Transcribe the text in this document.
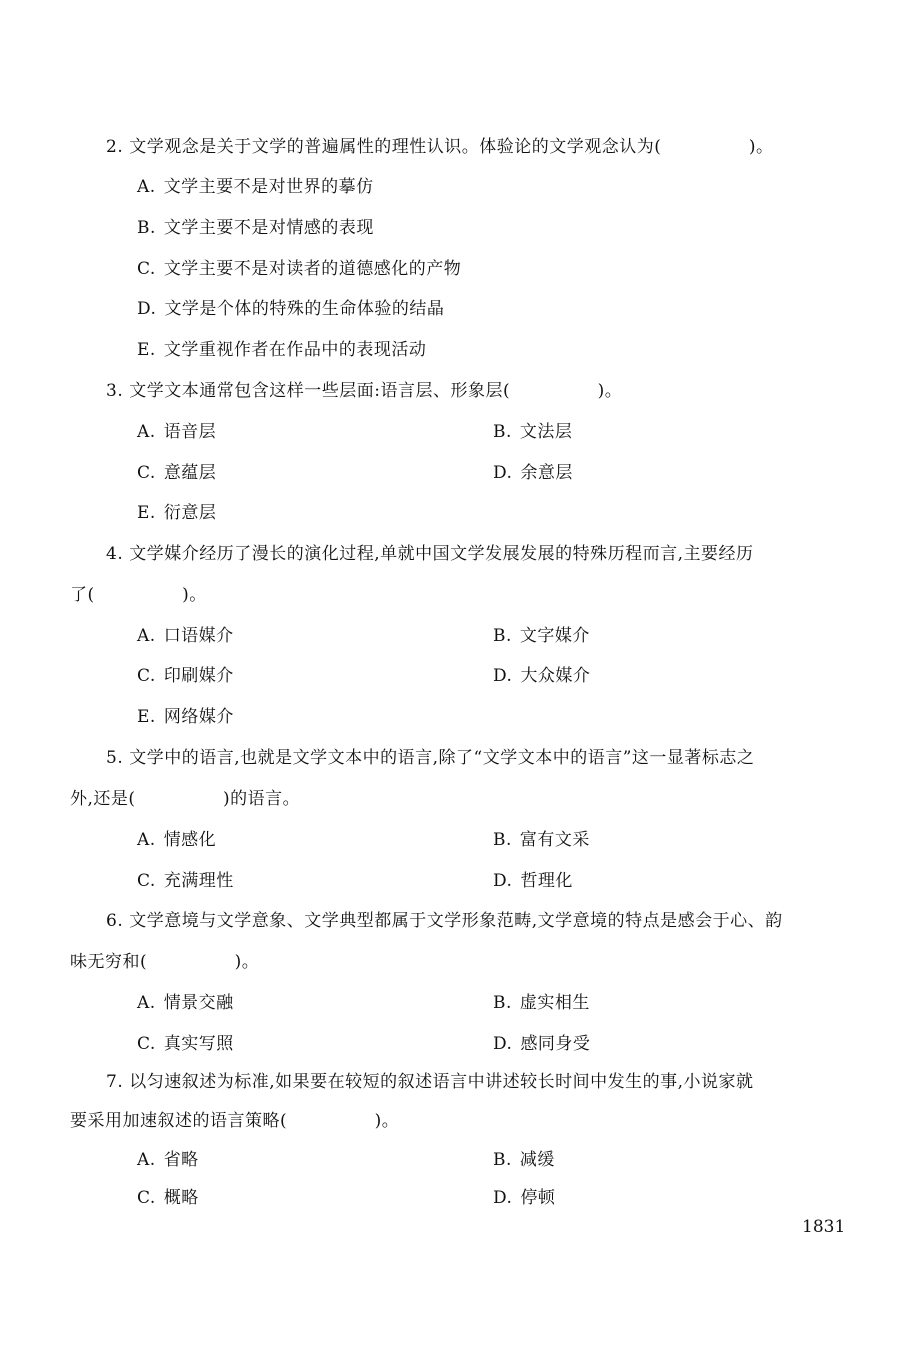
2. 文学观念是关于文学的普遍属性的理性认识。体验论的文学观念认为(　　　　　)。
A. 文学主要不是对世界的摹仿
B. 文学主要不是对情感的表现
C. 文学主要不是对读者的道德感化的产物
D. 文学是个体的特殊的生命体验的结晶
E. 文学重视作者在作品中的表现活动
3. 文学文本通常包含这样一些层面:语言层、形象层(　　　　　)。
A. 语音层	B. 文法层
C. 意蕴层	D. 余意层
E. 衍意层
4. 文学媒介经历了漫长的演化过程,单就中国文学发展发展的特殊历程而言,主要经历
了(　　　　　)。
A. 口语媒介	B. 文字媒介
C. 印刷媒介	D. 大众媒介
E. 网络媒介
5. 文学中的语言,也就是文学文本中的语言,除了“文学文本中的语言”这一显著标志之
外,还是(　　　　　)的语言。
A. 情感化	B. 富有文采
C. 充满理性	D. 哲理化
6. 文学意境与文学意象、文学典型都属于文学形象范畴,文学意境的特点是感会于心、韵
味无穷和(　　　　　)。
A. 情景交融	B. 虚实相生
C. 真实写照	D. 感同身受
7. 以匀速叙述为标准,如果要在较短的叙述语言中讲述较长时间中发生的事,小说家就
要采用加速叙述的语言策略(　　　　　)。
A. 省略	B. 减缓
C. 概略	D. 停顿
1831
